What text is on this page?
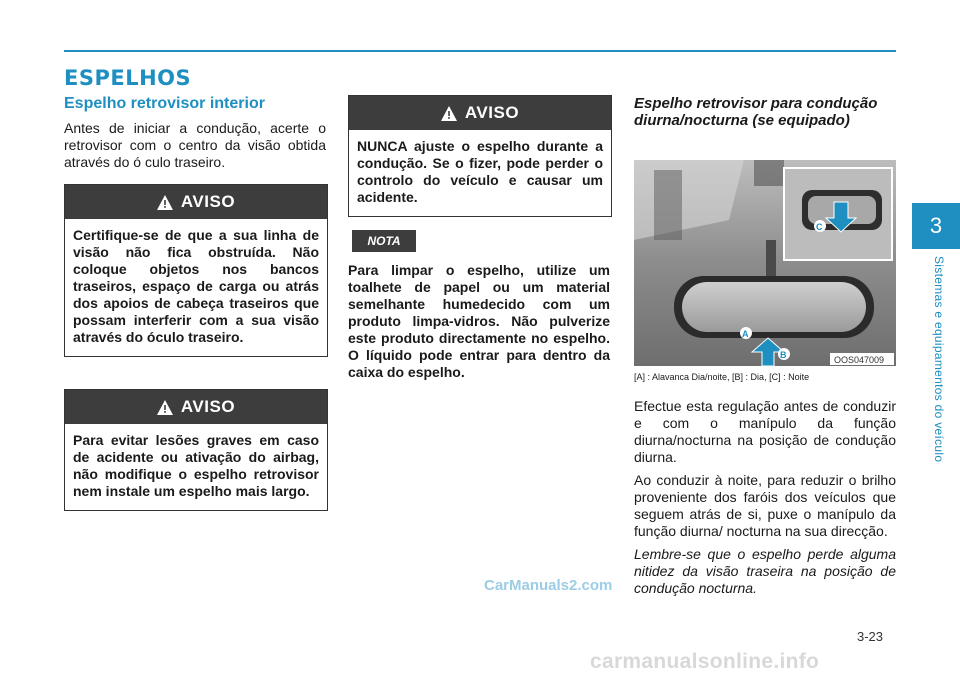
ESPELHOS
Espelho retrovisor interior
Antes de iniciar a condução, acerte o retrovisor com o centro da visão obtida através do ó culo traseiro.
AVISO
Certifique-se de que a sua linha de visão não fica obstruída. Não coloque objetos nos bancos traseiros, espaço de carga ou atrás dos apoios de cabeça traseiros que possam interferir com a sua visão através do óculo traseiro.
AVISO
Para evitar lesões graves em caso de acidente ou ativação do airbag, não modifique o espelho retrovisor nem instale um espelho mais largo.
AVISO
NUNCA ajuste o espelho durante a condução. Se o fizer, pode perder o controlo do veículo e causar um acidente.
NOTA
Para limpar o espelho, utilize um toalhete de papel ou um material semelhante humedecido com um produto limpa-vidros. Não pulverize este produto directamente no espelho. O líquido pode entrar para dentro da caixa do espelho.
Espelho retrovisor para condução diurna/nocturna (se equipado)
C
A
B	OOS047009
[A] : Alavanca Dia/noite, [B] : Dia, [C] : Noite

Efectue esta regulação antes de conduzir e com o manípulo da função diurna/nocturna na posição de condução diurna.

Ao conduzir à noite, para reduzir o brilho proveniente dos faróis dos veículos que seguem atrás de si, puxe o manípulo da função diurna/ nocturna na sua direcção.

Lembre-se que o espelho perde alguma nitidez da visão traseira na posição de condução nocturna.

3
Sistemas e equipamentos do veículo
CarManuals2.com
3-23
carmanualsonline.info
